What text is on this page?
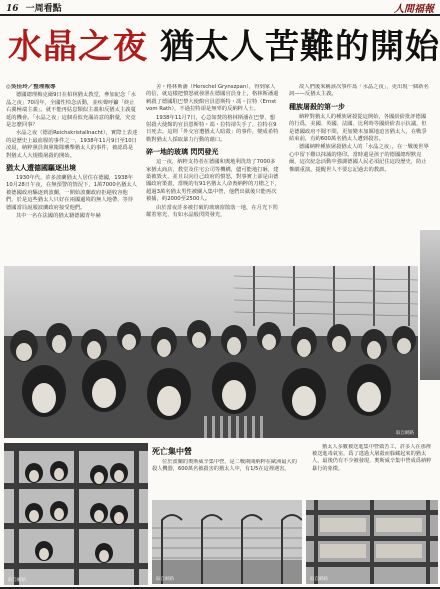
16 一周看點	人間福報
水晶之夜 猶太人苦難的開始

◎吳佳玲／整理報導

德國總理梅克爾9日在柏林猶太教堂，參加紀念「水晶之夜」70周年，全國性悼念活動，並疾聲呼籲「終止右翼極端主義」。就不能再姑息類似主義和反猶太主義蔓延的機會。「水晶之夜」這個看似充滿詩意的辭彙，究竟是怎麼回事？

水晶之夜（德語Reichskristallnacht），實際上表達的是歷史上最血腥的事件之一，1938年11月9日至10日凌晨，納粹黨員與黨衛隊襲擊猶太人的事件，被認爲是對猶太人大規模屠殺的開始。

猶太人遭德國驅逐出境

1930年代，許多波蘭猶太人居住在德國，1938年10月28日午夜，在無預警的情況下，1萬7000名猶太人被德國政府驅逐到波蘭，一開始波蘭政府拒絕收容他們，於是這些猶太人只好在兩國邊境的無人地帶，等待德國當局說服波蘭政府接受他們。

其中一名在法國的猶太籍德國青年赫

舍・格林斯潘（Herschel Grynszpan），得到家人的信，就這樣把憤怒就發泄在德國官員身上，格林斯潘還刺殺了德國駐巴黎大使館官員恩斯特・馮・拉特（Ernst vom Rath），不過拉特卻是無辜的反納粹人士。

1938年11月7日，心急如焚的格林斯潘在巴黎，想射殺大使館的官員恩斯特・馮・拉特卻失手了，拉特在9日死去。這則「外交官遭猶太人暗殺」的事件，變成希特勒對猶太人採取暴力行動的藉口。

碎一地的玻璃 閃閃發光

這一夜，納粹支持者在德國和奧地利洗劫了7000多家猶太商店，教堂及住宅公司等機構，儘可能地打砸，建築被毀火，並且以向自己政府的憤怒，對事實上卻是由德國政府策畫，當晚的有91名猶太人命喪納粹的刀槍之下，超過3萬名猶太男性被關入集中營，他們出獄後只能再次被捕，約2000至2500人。

由於當夜許多被打破的玻璃窗散落一地，在月光下閃耀着寒光，有如水晶般閃閃發光，

故人們後來稱該次事件爲「水晶之夜」，更出現一個新名詞——反猶太主義。

種族屠殺的第一步

納粹對猶太人的種族屠殺從這開始，各國紛紛批評德國的行爲，美國、英國、法國、比利時等國紛紛表示抗議，但是德國政府不聞不問，更加變本加厲地迫害猶太人，在戰爭結束前，有約600萬名猶太人遭到殺害。

德國納粹種族屠殺猶太人的「水晶之夜」，在一戰後世界心中留下難以抹滅的烙印。當時還是孩子的德國總理默克爾，這次紀念活動中強調德國人民必須記住這段歷史，防止慘劇重演，提醒世人不要忘記過去的教訓。

取自網路
取自網路
死亡集中營

位於波蘭的奧斯威辛集中營，是二戰期間納粹在歐洲最大的殺人機器，600萬名被殺害的猶太人中，有1/5在這裡遇害。

猶太人多數被送進集中營做苦工，許多人在那裡被送進毒氣室，爲了逃過大屠殺而躲藏起來的猶太人，最後仍有不少被發現，奧斯威辛集中營成爲納粹暴行的象徵。

取自網路	取自網路
